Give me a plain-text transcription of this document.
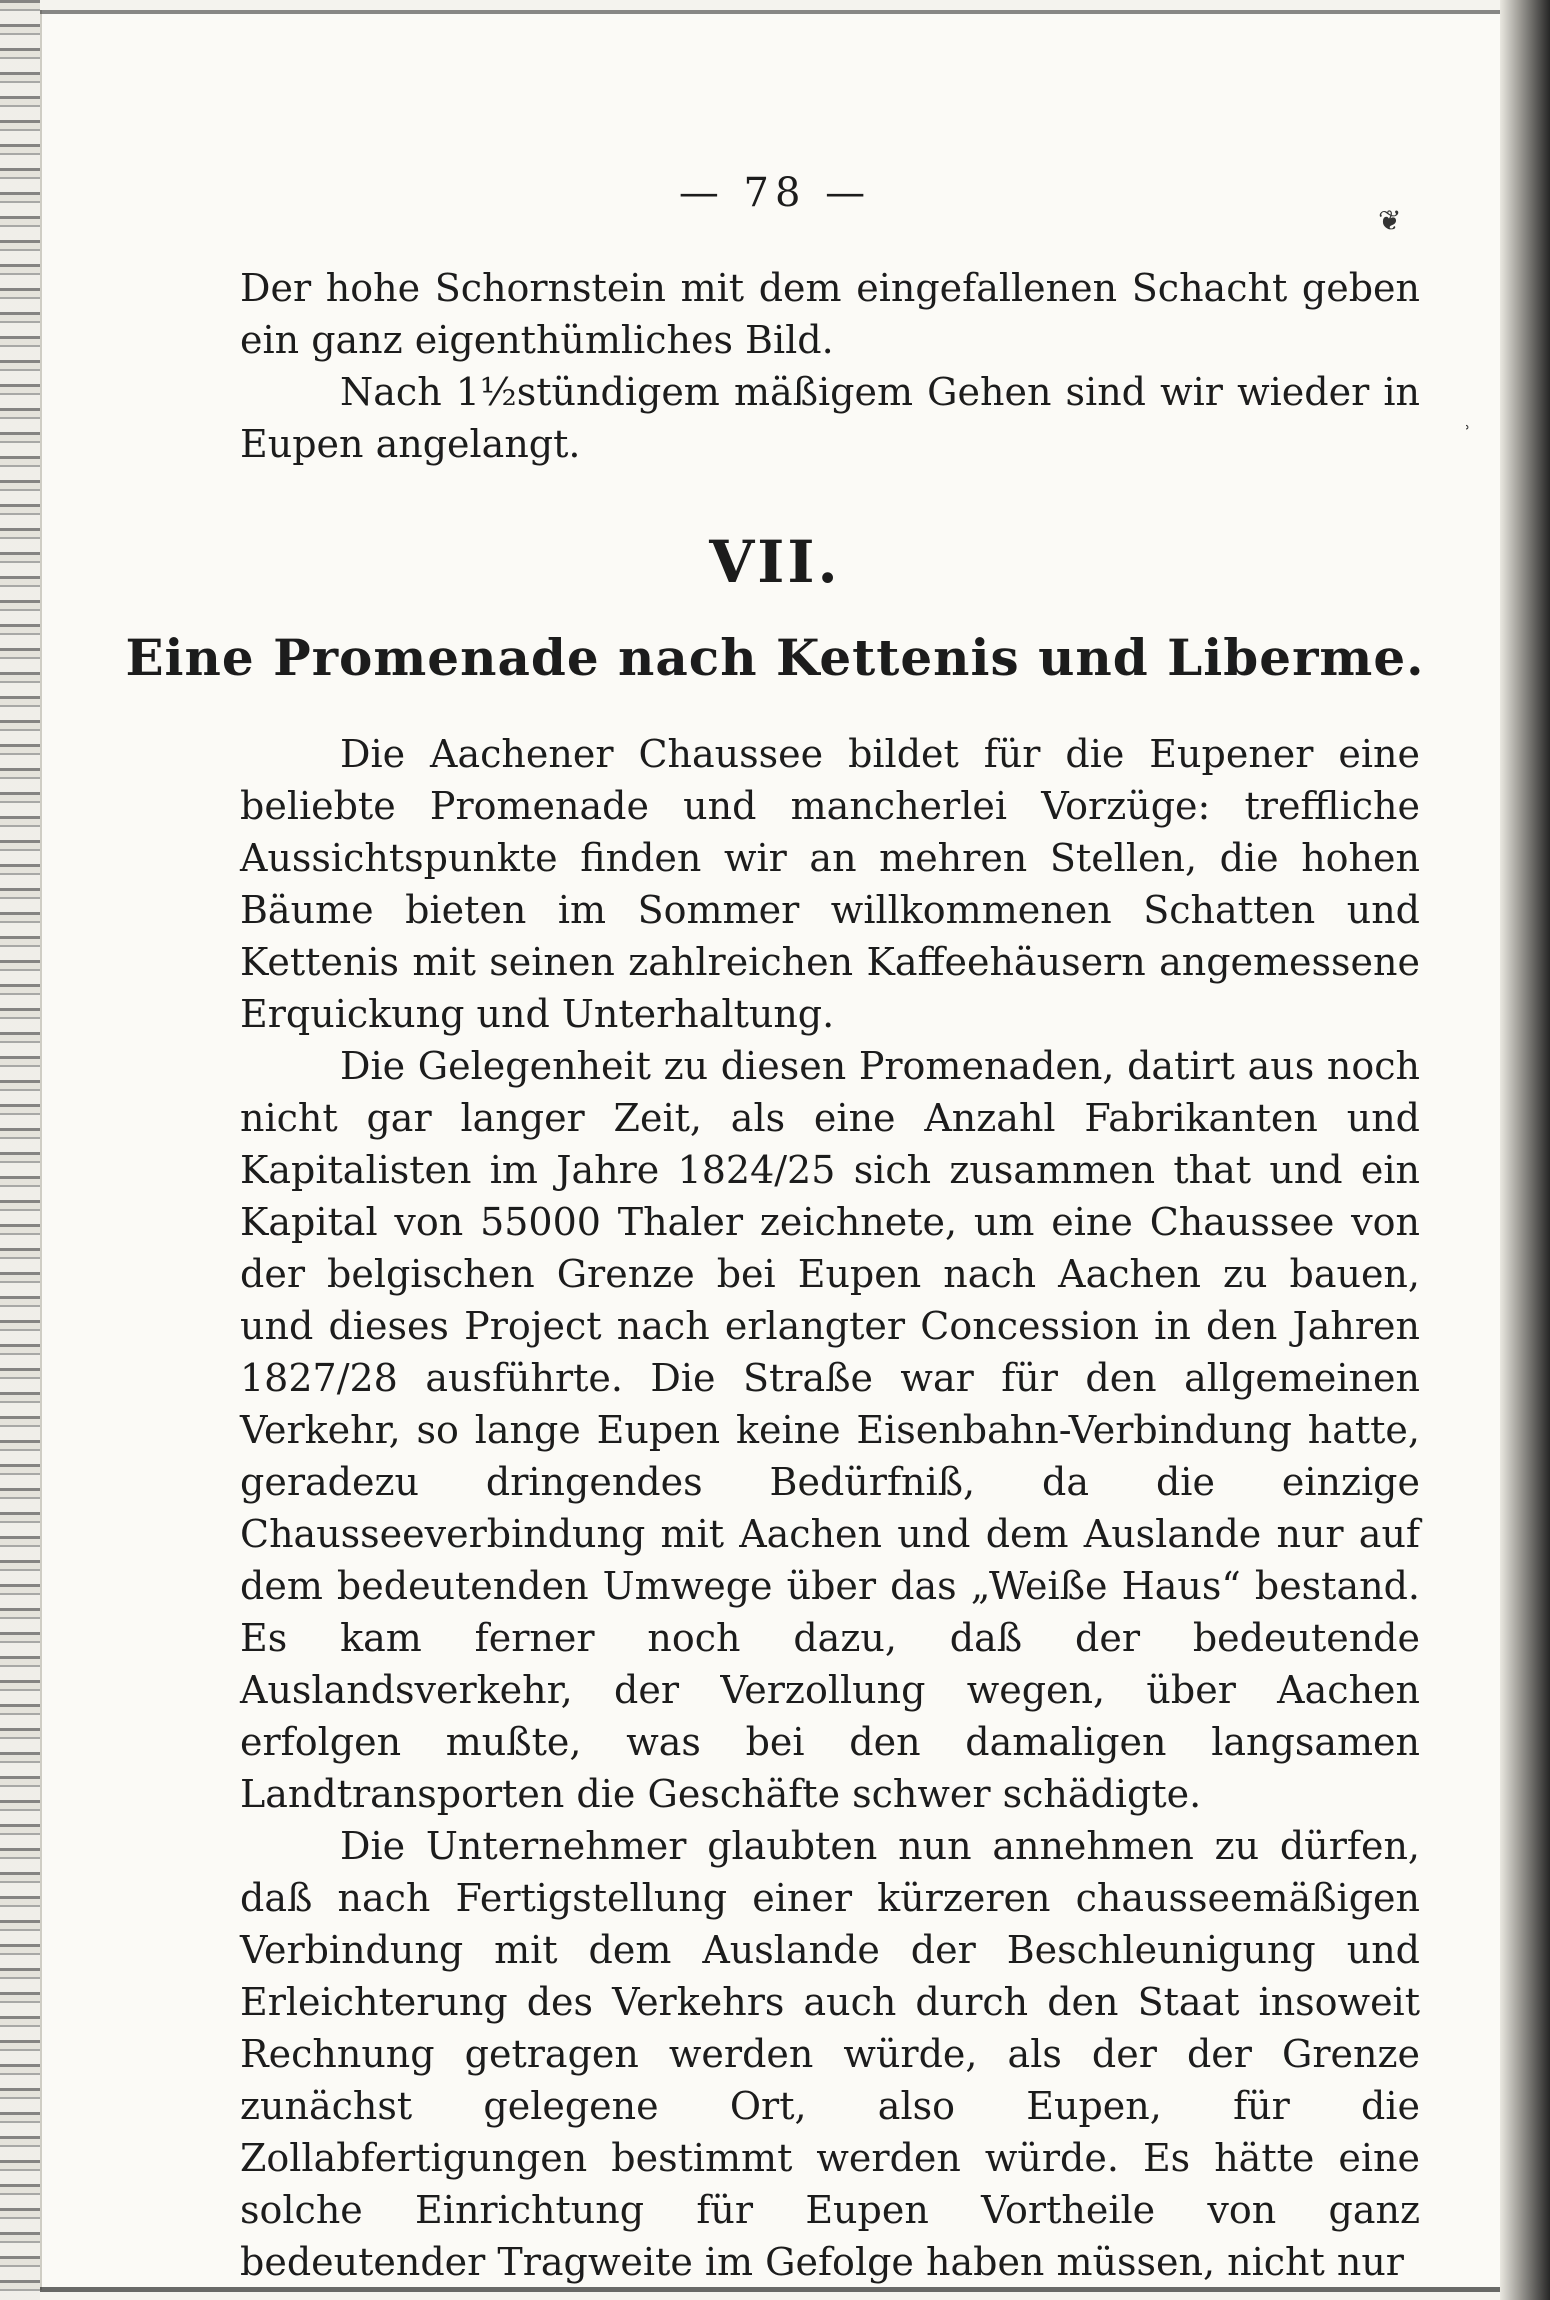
— 78 —
❦
˒

Der hohe Schornstein mit dem eingefallenen Schacht geben ein ganz eigenthümliches Bild.

Nach 1½stündigem mäßigem Gehen sind wir wieder in Eupen angelangt.

VII.
Eine Promenade nach Kettenis und Liberme.

Die Aachener Chaussee bildet für die Eupener eine beliebte Promenade und mancherlei Vorzüge: treffliche Aussichtspunkte finden wir an mehren Stellen, die hohen Bäume bieten im Sommer willkommenen Schatten und Kettenis mit seinen zahlreichen Kaffeehäusern angemessene Erquickung und Unterhaltung.

Die Gelegenheit zu diesen Promenaden, datirt aus noch nicht gar langer Zeit, als eine Anzahl Fabrikanten und Kapitalisten im Jahre 1824/25 sich zusammen that und ein Kapital von 55000 Thaler zeichnete, um eine Chaussee von der belgischen Grenze bei Eupen nach Aachen zu bauen, und dieses Project nach erlangter Concession in den Jahren 1827/28 ausführte. Die Straße war für den allgemeinen Verkehr, so lange Eupen keine Eisenbahn-Verbindung hatte, geradezu dringendes Bedürfniß, da die einzige Chausseeverbindung mit Aachen und dem Auslande nur auf dem bedeutenden Umwege über das „Weiße Haus“ bestand. Es kam ferner noch dazu, daß der bedeutende Auslandsverkehr, der Verzollung wegen, über Aachen erfolgen mußte, was bei den damaligen langsamen Landtransporten die Geschäfte schwer schädigte.

Die Unternehmer glaubten nun annehmen zu dürfen, daß nach Fertigstellung einer kürzeren chausseemäßigen Verbindung mit dem Auslande der Beschleunigung und Erleichterung des Verkehrs auch durch den Staat insoweit Rechnung getragen werden würde, als der der Grenze zunächst gelegene Ort, also Eupen, für die Zollabfertigungen bestimmt werden würde. Es hätte eine solche Einrichtung für Eupen Vortheile von ganz bedeutender Tragweite im Gefolge haben müssen, nicht nur
